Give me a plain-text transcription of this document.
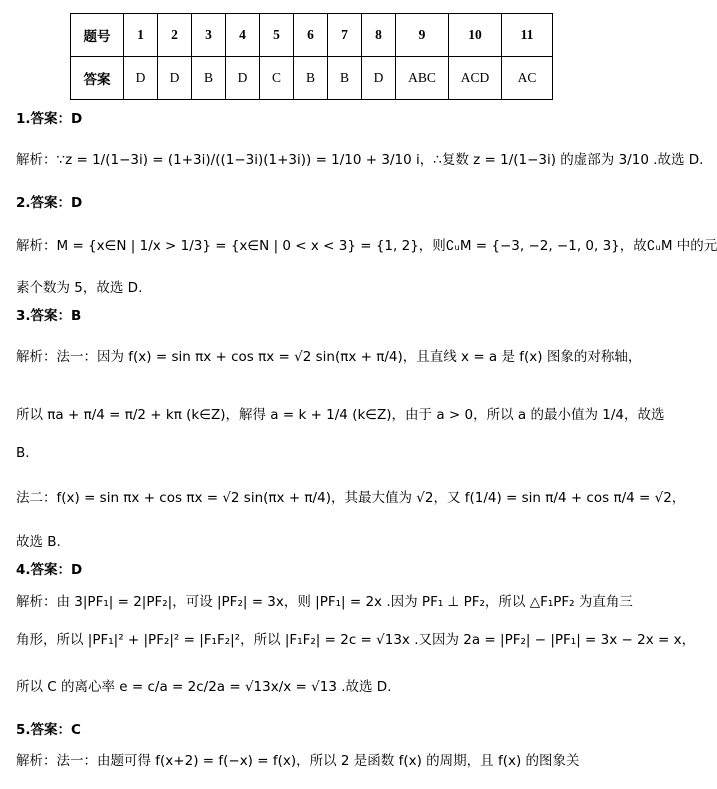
题号	1	2	3	4	5	6	7	8	9	10	11
答案	D	D	B	D	C	B	B	D	ABC	ACD	AC
1.答案：D
解析：∵z = 1/(1−3i) = (1+3i)/((1−3i)(1+3i)) = 1/10 + 3/10 i，∴复数 z = 1/(1−3i) 的虚部为 3/10 .故选 D.
2.答案：D
解析：M = {x∈N | 1/x > 1/3} = {x∈N | 0 < x < 3} = {1, 2}，则∁ᵤM = {−3, −2, −1, 0, 3}，故∁ᵤM 中的元
素个数为 5，故选 D.
3.答案：B
解析：法一：因为 f(x) = sin πx + cos πx = √2 sin(πx + π/4)，且直线 x = a 是 f(x) 图象的对称轴，
所以 πa + π/4 = π/2 + kπ (k∈Z)，解得 a = k + 1/4 (k∈Z)，由于 a > 0，所以 a 的最小值为 1/4，故选
B.
法二：f(x) = sin πx + cos πx = √2 sin(πx + π/4)，其最大值为 √2，又 f(1/4) = sin π/4 + cos π/4 = √2，
故选 B.
4.答案：D
解析：由 3|PF₁| = 2|PF₂|，可设 |PF₂| = 3x，则 |PF₁| = 2x .因为 PF₁ ⊥ PF₂，所以 △F₁PF₂ 为直角三
角形，所以 |PF₁|² + |PF₂|² = |F₁F₂|²，所以 |F₁F₂| = 2c = √13x .又因为 2a = |PF₂| − |PF₁| = 3x − 2x = x，
所以 C 的离心率 e = c/a = 2c/2a = √13x/x = √13 .故选 D.
5.答案：C
解析：法一：由题可得 f(x+2) = f(−x) = f(x)，所以 2 是函数 f(x) 的周期，且 f(x) 的图象关
